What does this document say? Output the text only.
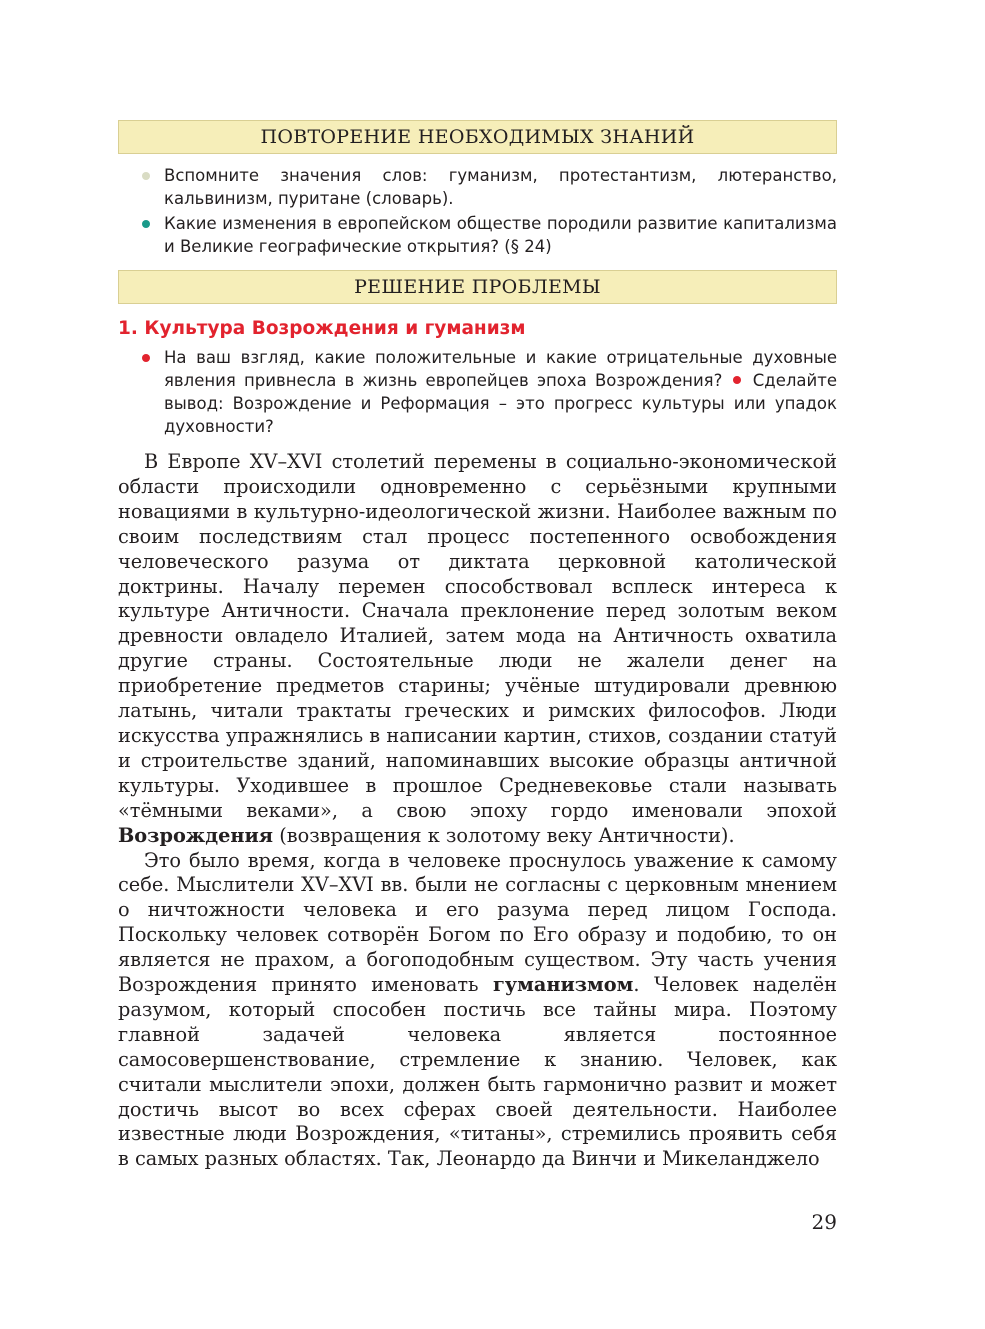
ПОВТОРЕНИЕ НЕОБХОДИМЫХ ЗНАНИЙ
Вспомните значения слов: гуманизм, протестантизм, лютеранство, кальвинизм, пуритане (словарь).
Какие изменения в европейском обществе породили развитие капитализма и Великие географические открытия? (§ 24)
РЕШЕНИЕ ПРОБЛЕМЫ
1. Культура Возрождения и гуманизм
На ваш взгляд, какие положительные и какие отрицательные духовные явления привнесла в жизнь европейцев эпоха Возрождения? Сделайте вывод: Возрождение и Реформация – это прогресс культуры или упадок духовности?

В Европе XV–XVI столетий перемены в социально-экономической области происходили одновременно с серьёзными крупными новациями в культурно-идеологической жизни. Наиболее важным по своим последствиям стал процесс постепенного освобождения человеческого разума от диктата церковной католической доктрины. Началу перемен способствовал всплеск интереса к культуре Античности. Сначала преклонение перед золотым веком древности овладело Италией, затем мода на Античность охватила другие страны. Состоятельные люди не жалели денег на приобретение предметов старины; учёные штудировали древнюю латынь, читали трактаты греческих и римских философов. Люди искусства упражнялись в написании картин, стихов, создании статуй и строительстве зданий, напоминавших высокие образцы античной культуры. Уходившее в прошлое Средневековье стали называть «тёмными веками», а свою эпоху гордо именовали эпохой Возрождения (возвращения к золотому веку Античности).

Это было время, когда в человеке проснулось уважение к самому себе. Мыслители XV–XVI вв. были не согласны с церковным мнением о ничтожности человека и его разума перед лицом Господа. Поскольку человек сотворён Богом по Его образу и подобию, то он является не прахом, а богоподобным существом. Эту часть учения Возрождения принято именовать гуманизмом. Человек наделён разумом, который способен постичь все тайны мира. Поэтому главной задачей человека является постоянное самосовершенствование, стремление к знанию. Человек, как считали мыслители эпохи, должен быть гармонично развит и может достичь высот во всех сферах своей деятельности. Наиболее известные люди Возрождения, «титаны», стремились проявить себя в самых разных областях. Так, Леонардо да Винчи и Микеланджело

29
